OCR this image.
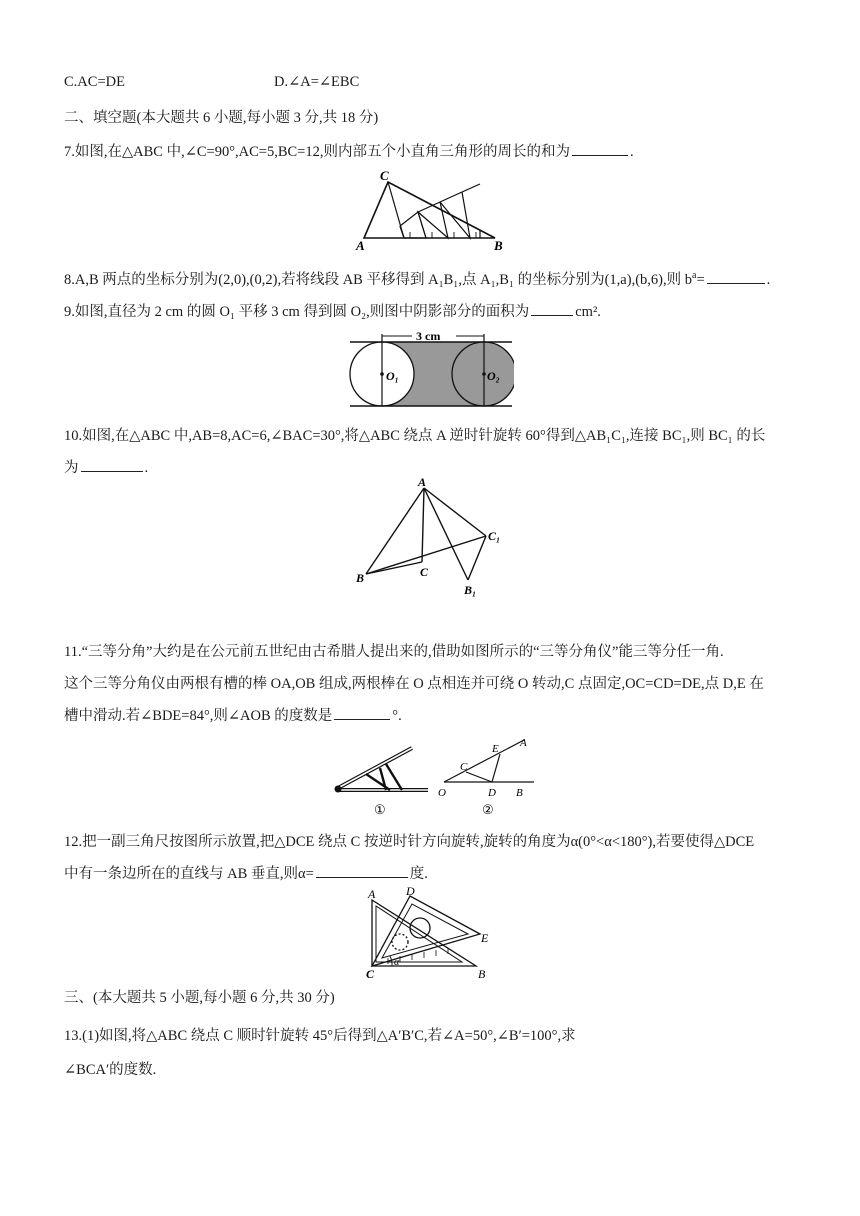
C.AC=DE	D.∠A=∠EBC
二、填空题(本大题共 6 小题,每小题 3 分,共 18 分)
7.如图,在△ABC 中,∠C=90°,AC=5,BC=12,则内部五个小直角三角形的周长的和为	.
C
A	B
8.A,B 两点的坐标分别为(2,0),(0,2),若将线段 AB 平移得到 A₁B₁,点 A₁,B₁ 的坐标分别为(1,a),(b,6),则 $b^a=$	.
9.如图,直径为 2 cm 的圆 O₁ 平移 3 cm 得到圆 O₂,则图中阴影部分的面积为	cm².
3 cm
O₁	O₂
10.如图,在△ABC 中,AB=8,AC=6,∠BAC=30°,将△ABC 绕点 A 逆时针旋转 60°得到△AB₁C₁,连接 BC₁,则 BC₁ 的长
为	.
A
B	C
C₁
B₁
11.“三等分角”大约是在公元前五世纪由古希腊人提出来的,借助如图所示的“三等分角仪”能三等分任一角.
这个三等分角仪由两根有槽的棒 OA,OB 组成,两根棒在 O 点相连并可绕 O 转动,C 点固定,OC=CD=DE,点 D,E 在
槽中滑动.若∠BDE=84°,则∠AOB 的度数是	°.
①
O
C
D
E A
B
②
12.把一副三角尺按图所示放置,把△DCE 绕点 C 按逆时针方向旋转,旋转的角度为α(0°<α<180°),若要使得△DCE
中有一条边所在的直线与 AB 垂直,则α=	度.
A	D
E
C	B
α
三、(本大题共 5 小题,每小题 6 分,共 30 分)
13.(1)如图,将△ABC 绕点 C 顺时针旋转 45°后得到△A′B′C,若∠A=50°,∠B′=100°,求
∠BCA′的度数.
